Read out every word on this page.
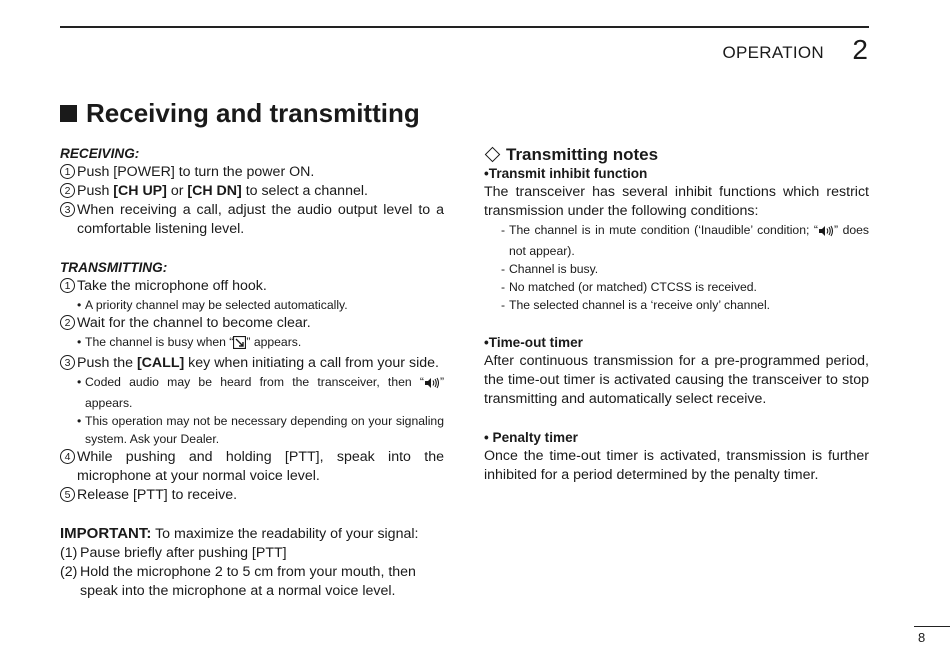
OPERATION 2
Receiving and transmitting
RECEIVING:
1 Push [POWER] to turn the power ON.
2 Push [CH UP] or [CH DN] to select a channel.
3 When receiving a call, adjust the audio output level to a comfortable listening level.
TRANSMITTING:
1 Take the microphone off hook.
• A priority channel may be selected automatically.
2 Wait for the channel to become clear.
• The channel is busy when “ ” appears.
3 Push the [CALL] key when initiating a call from your side.
• Coded audio may be heard from the transceiver, then “ ” appears.
• This operation may not be necessary depending on your signaling system. Ask your Dealer.
4 While pushing and holding [PTT], speak into the microphone at your normal voice level.
5 Release [PTT] to receive.
IMPORTANT: To maximize the readability of your signal:
(1) Pause briefly after pushing [PTT]
(2) Hold the microphone 2 to 5 cm from your mouth, then speak into the microphone at a normal voice level.
Transmitting notes
•Transmit inhibit function
The transceiver has several inhibit functions which restrict transmission under the following conditions:
- The channel is in mute condition (‘Inaudible’ condition; “ ” does not appear).
- Channel is busy.
- No matched (or matched) CTCSS is received.
- The selected channel is a ‘receive only’ channel.
•Time-out timer
After continuous transmission for a pre-programmed period, the time-out timer is activated causing the transceiver to stop transmitting and automatically select receive.
• Penalty timer
Once the time-out timer is activated, transmission is further inhibited for a period determined by the penalty timer.
8
